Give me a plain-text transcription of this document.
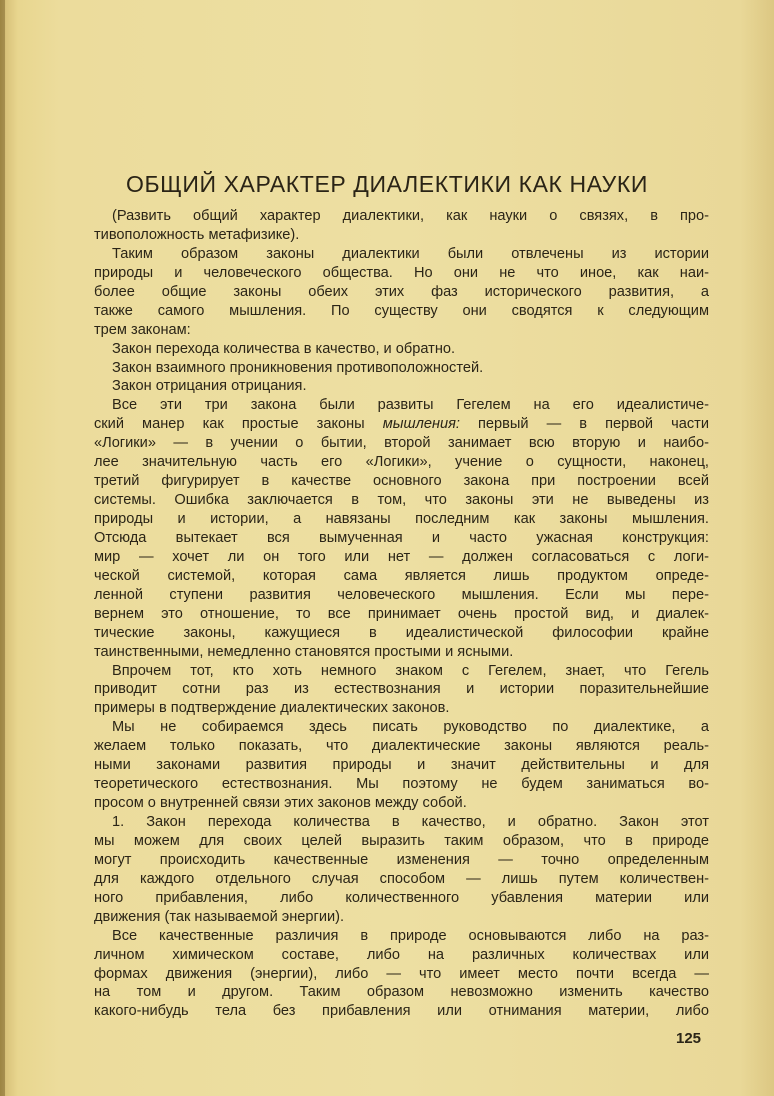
ОБЩИЙ ХАРАКТЕР ДИАЛЕКТИКИ КАК НАУКИ
(Развить общий характер диалектики, как науки о связях, в про-
тивоположность метафизике).
Таким образом законы диалектики были отвлечены из истории
природы и человеческого общества. Но они не что иное, как наи-
более общие законы обеих этих фаз исторического развития, а
также самого мышления. По существу они сводятся к следующим
трем законам:
Закон перехода количества в качество, и обратно.
Закон взаимного проникновения противоположностей.
Закон отрицания отрицания.
Все эти три закона были развиты Гегелем на его идеалистиче-
ский манер как простые законы мышления: первый — в первой части
«Логики» — в учении о бытии, второй занимает всю вторую и наибо-
лее значительную часть его «Логики», учение о сущности, наконец,
третий фигурирует в качестве основного закона при построении всей
системы. Ошибка заключается в том, что законы эти не выведены из
природы и истории, а навязаны последним как законы мышления.
Отсюда вытекает вся вымученная и часто ужасная конструкция:
мир — хочет ли он того или нет — должен согласоваться с логи-
ческой системой, которая сама является лишь продуктом опреде-
ленной ступени развития человеческого мышления. Если мы пере-
вернем это отношение, то все принимает очень простой вид, и диалек-
тические законы, кажущиеся в идеалистической философии крайне
таинственными, немедленно становятся простыми и ясными.
Впрочем тот, кто хоть немного знаком с Гегелем, знает, что Гегель
приводит сотни раз из естествознания и истории поразительнейшие
примеры в подтверждение диалектических законов.
Мы не собираемся здесь писать руководство по диалектике, а
желаем только показать, что диалектические законы являются реаль-
ными законами развития природы и значит действительны и для
теоретического естествознания. Мы поэтому не будем заниматься во-
просом о внутренней связи этих законов между собой.
1. Закон перехода количества в качество, и обратно. Закон этот
мы можем для своих целей выразить таким образом, что в природе
могут происходить качественные изменения — точно определенным
для каждого отдельного случая способом — лишь путем количествен-
ного прибавления, либо количественного убавления материи или
движения (так называемой энергии).
Все качественные различия в природе основываются либо на раз-
личном химическом составе, либо на различных количествах или
формах движения (энергии), либо — что имеет место почти всегда —
на том и другом. Таким образом невозможно изменить качество
какого-нибудь тела без прибавления или отнимания материи, либо
125
